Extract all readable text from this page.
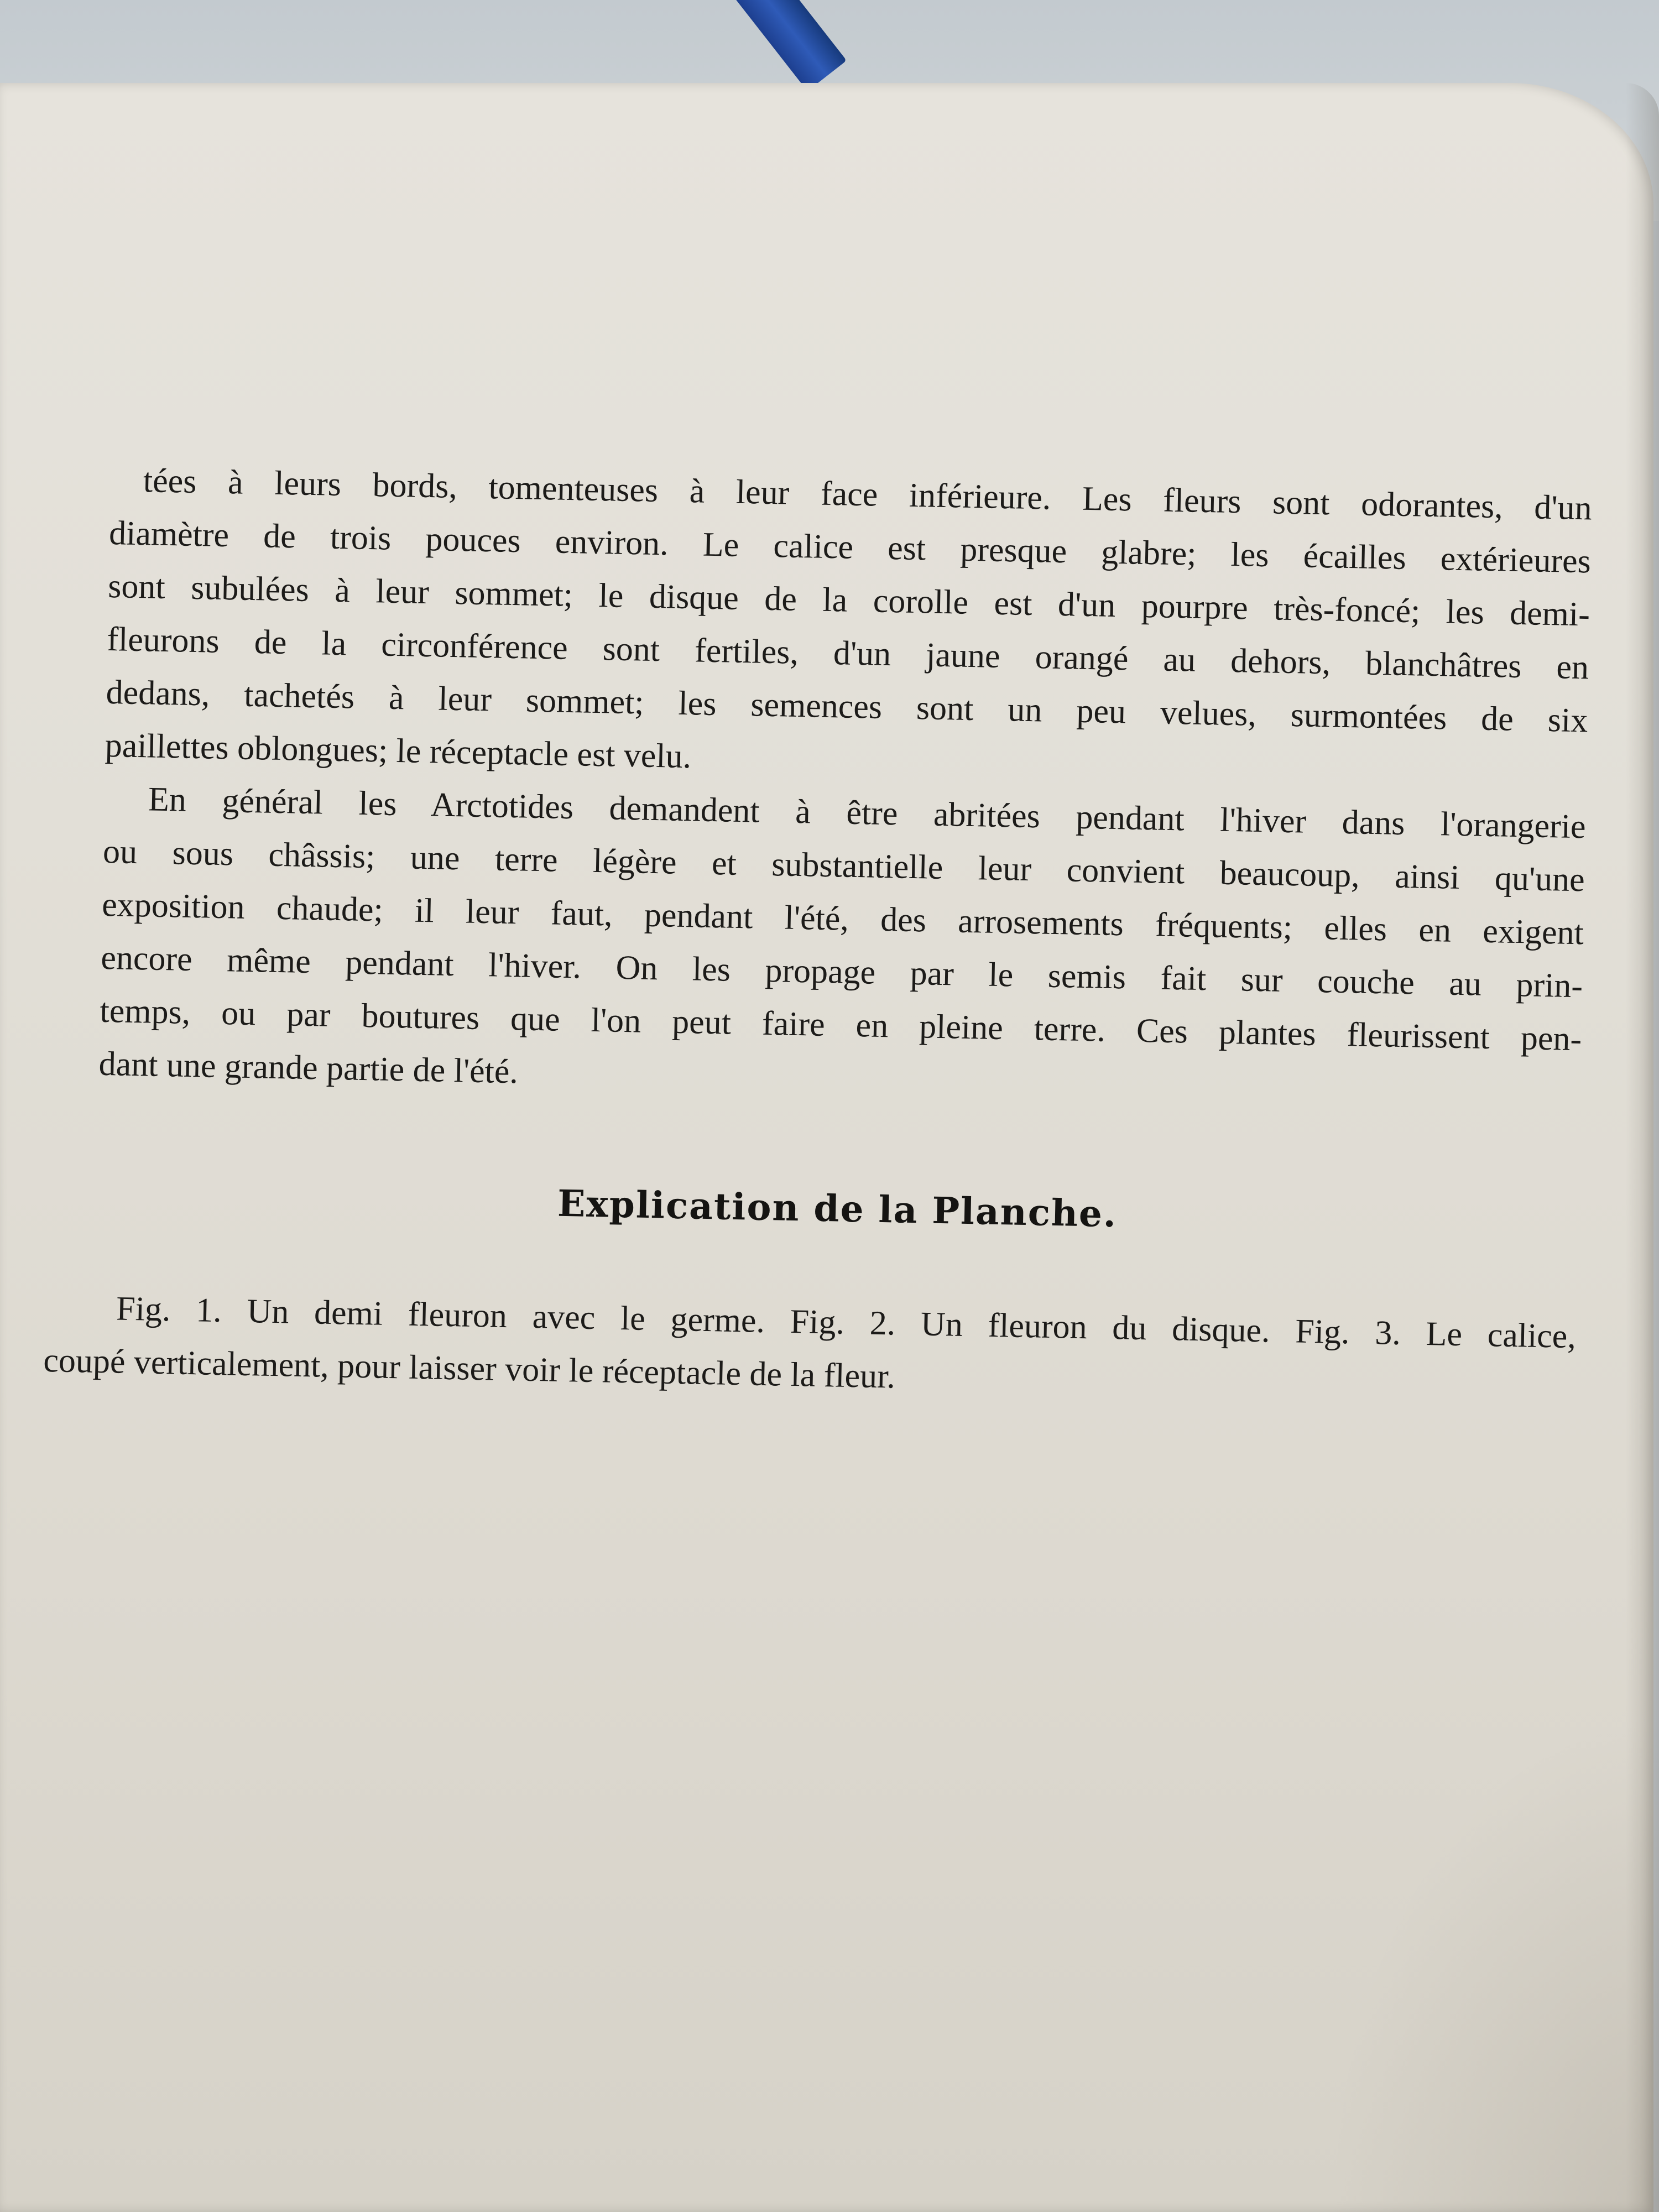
tées à leurs bords, tomenteuses à leur face inférieure. Les fleurs sont odorantes, d'un
diamètre de trois pouces environ. Le calice est presque glabre; les écailles extérieures
sont subulées à leur sommet; le disque de la corolle est d'un pourpre très-foncé; les demi-
fleurons de la circonférence sont fertiles, d'un jaune orangé au dehors, blanchâtres en
dedans, tachetés à leur sommet; les semences sont un peu velues, surmontées de six
paillettes oblongues; le réceptacle est velu.

En général les Arctotides demandent à être abritées pendant l'hiver dans l'orangerie
ou sous châssis; une terre légère et substantielle leur convient beaucoup, ainsi qu'une
exposition chaude; il leur faut, pendant l'été, des arrosements fréquents; elles en exigent
encore même pendant l'hiver. On les propage par le semis fait sur couche au prin-
temps, ou par boutures que l'on peut faire en pleine terre. Ces plantes fleurissent pen-
dant une grande partie de l'été.

Explication de la Planche.

Fig. 1. Un demi fleuron avec le germe. Fig. 2. Un fleuron du disque. Fig. 3. Le calice,
coupé verticalement, pour laisser voir le réceptacle de la fleur.
